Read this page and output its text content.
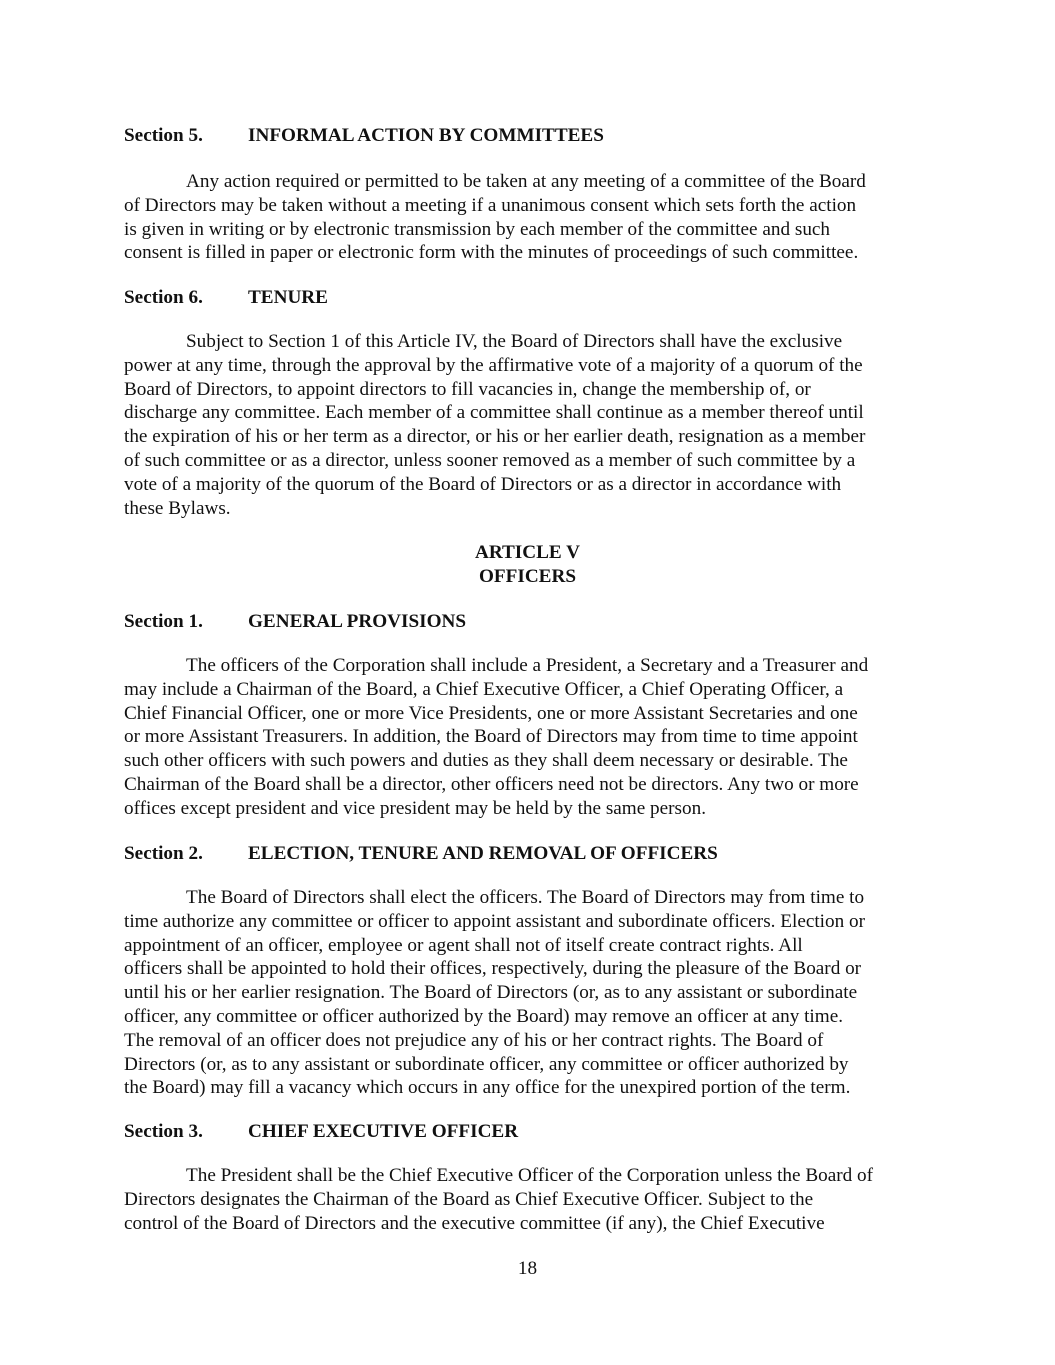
Section 5. INFORMAL ACTION BY COMMITTEES
Any action required or permitted to be taken at any meeting of a committee of the Board
of Directors may be taken without a meeting if a unanimous consent which sets forth the action
is given in writing or by electronic transmission by each member of the committee and such
consent is filled in paper or electronic form with the minutes of proceedings of such committee.
Section 6. TENURE
Subject to Section 1 of this Article IV, the Board of Directors shall have the exclusive
power at any time, through the approval by the affirmative vote of a majority of a quorum of the
Board of Directors, to appoint directors to fill vacancies in, change the membership of, or
discharge any committee. Each member of a committee shall continue as a member thereof until
the expiration of his or her term as a director, or his or her earlier death, resignation as a member
of such committee or as a director, unless sooner removed as a member of such committee by a
vote of a majority of the quorum of the Board of Directors or as a director in accordance with
these Bylaws.
ARTICLE V
OFFICERS
Section 1. GENERAL PROVISIONS
The officers of the Corporation shall include a President, a Secretary and a Treasurer and
may include a Chairman of the Board, a Chief Executive Officer, a Chief Operating Officer, a
Chief Financial Officer, one or more Vice Presidents, one or more Assistant Secretaries and one
or more Assistant Treasurers. In addition, the Board of Directors may from time to time appoint
such other officers with such powers and duties as they shall deem necessary or desirable. The
Chairman of the Board shall be a director, other officers need not be directors. Any two or more
offices except president and vice president may be held by the same person.
Section 2. ELECTION, TENURE AND REMOVAL OF OFFICERS
The Board of Directors shall elect the officers. The Board of Directors may from time to
time authorize any committee or officer to appoint assistant and subordinate officers. Election or
appointment of an officer, employee or agent shall not of itself create contract rights. All
officers shall be appointed to hold their offices, respectively, during the pleasure of the Board or
until his or her earlier resignation. The Board of Directors (or, as to any assistant or subordinate
officer, any committee or officer authorized by the Board) may remove an officer at any time.
The removal of an officer does not prejudice any of his or her contract rights. The Board of
Directors (or, as to any assistant or subordinate officer, any committee or officer authorized by
the Board) may fill a vacancy which occurs in any office for the unexpired portion of the term.
Section 3. CHIEF EXECUTIVE OFFICER
The President shall be the Chief Executive Officer of the Corporation unless the Board of
Directors designates the Chairman of the Board as Chief Executive Officer. Subject to the
control of the Board of Directors and the executive committee (if any), the Chief Executive
18
